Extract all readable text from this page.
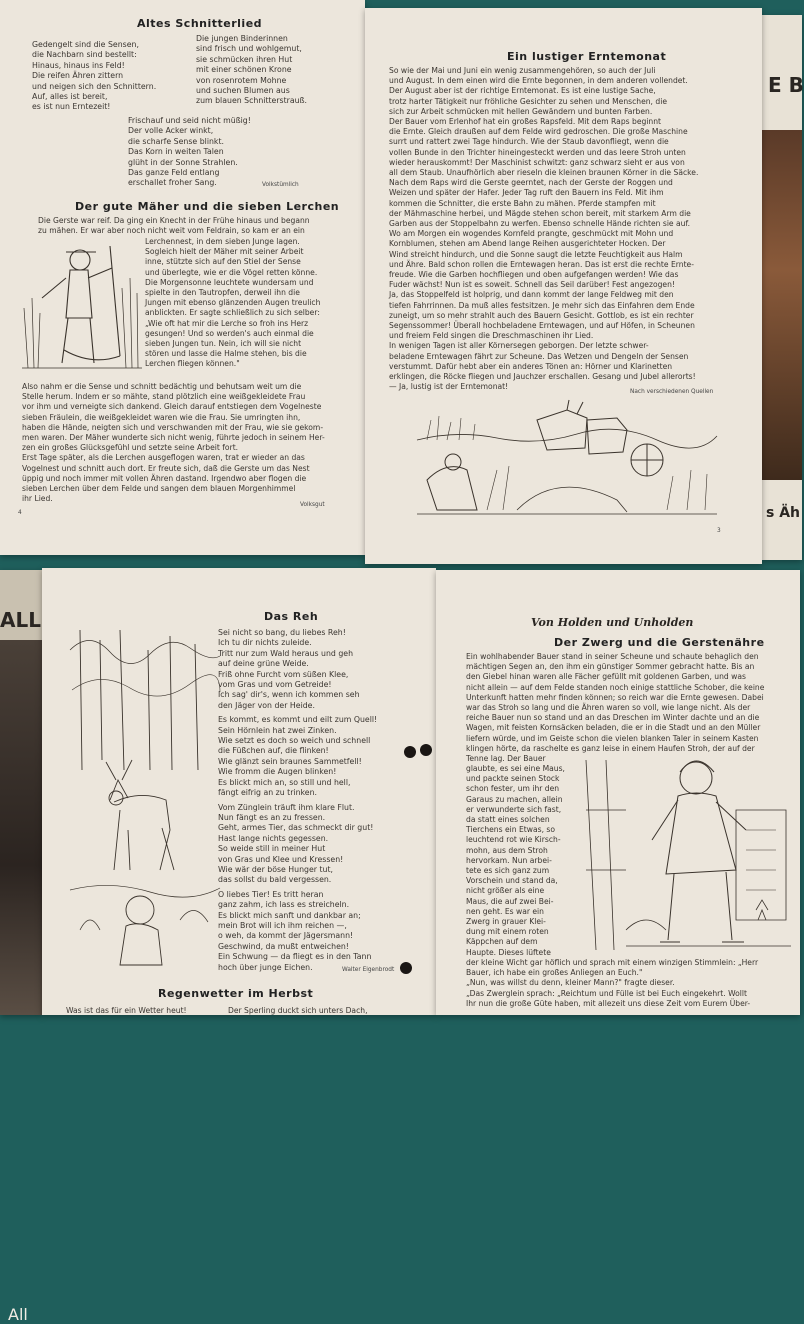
E B
s Äh
ALL
All
Altes Schnitterlied
Gedengelt sind die Sensen,
die Nachbarn sind bestellt:
Hinaus, hinaus ins Feld!
Die reifen Ähren zittern
und neigen sich den Schnittern.
Auf, alles ist bereit,
es ist nun Erntezeit!
Die jungen Binderinnen
sind frisch und wohlgemut,
sie schmücken ihren Hut
mit einer schönen Krone
von rosenrotem Mohne
und suchen Blumen aus
zum blauen Schnitterstrauß.
Frischauf und seid nicht müßig!
Der volle Acker winkt,
die scharfe Sense blinkt.
Das Korn in weiten Talen
glüht in der Sonne Strahlen.
Das ganze Feld entlang
erschallet froher Sang.	Volkstümlich
Der gute Mäher und die sieben Lerchen
Die Gerste war reif. Da ging ein Knecht in der Frühe hinaus und begann
zu mähen. Er war aber noch nicht weit vom Feldrain, so kam er an ein
Lerchennest, in dem sieben Junge lagen.
Sogleich hielt der Mäher mit seiner Arbeit
inne, stützte sich auf den Stiel der Sense
und überlegte, wie er die Vögel retten könne.
Die Morgensonne leuchtete wundersam und
spielte in den Tautropfen, derweil ihn die
Jungen mit ebenso glänzenden Augen treulich
anblickten. Er sagte schließlich zu sich selber:
„Wie oft hat mir die Lerche so froh ins Herz
gesungen! Und so werden's auch einmal die
sieben Jungen tun. Nein, ich will sie nicht
stören und lasse die Halme stehen, bis die
Lerchen fliegen können."
Also nahm er die Sense und schnitt bedächtig und behutsam weit um die
Stelle herum. Indem er so mähte, stand plötzlich eine weißgekleidete Frau
vor ihm und verneigte sich dankend. Gleich darauf entstiegen dem Vogelneste
sieben Fräulein, die weißgekleidet waren wie die Frau. Sie umringten ihn,
haben die Hände, neigten sich und verschwanden mit der Frau, wie sie gekom-
men waren. Der Mäher wunderte sich nicht wenig, führte jedoch in seinem Her-
zen ein großes Glücksgefühl und setzte seine Arbeit fort.
Erst Tage später, als die Lerchen ausgeflogen waren, trat er wieder an das
Vogelnest und schnitt auch dort. Er freute sich, daß die Gerste um das Nest
üppig und noch immer mit vollen Ähren dastand. Irgendwo aber flogen die
sieben Lerchen über dem Felde und sangen dem blauen Morgenhimmel
ihr Lied.
Volksgut
4
Ein lustiger Erntemonat
So wie der Mai und Juni ein wenig zusammengehören, so auch der Juli
und August. In dem einen wird die Ernte begonnen, in dem anderen vollendet.
Der August aber ist der richtige Erntemonat. Es ist eine lustige Sache,
trotz harter Tätigkeit nur fröhliche Gesichter zu sehen und Menschen, die
sich zur Arbeit schmücken mit hellen Gewändern und bunten Farben.
Der Bauer vom Erlenhof hat ein großes Rapsfeld. Mit dem Raps beginnt
die Ernte. Gleich draußen auf dem Felde wird gedroschen. Die große Maschine
surrt und rattert zwei Tage hindurch. Wie der Staub davonfliegt, wenn die
vollen Bunde in den Trichter hineingesteckt werden und das leere Stroh unten
wieder herauskommt! Der Maschinist schwitzt: ganz schwarz sieht er aus von
all dem Staub. Unaufhörlich aber rieseln die kleinen braunen Körner in die Säcke.
Nach dem Raps wird die Gerste geerntet, nach der Gerste der Roggen und
Weizen und später der Hafer. Jeder Tag ruft den Bauern ins Feld. Mit ihm
kommen die Schnitter, die erste Bahn zu mähen. Pferde stampfen mit
der Mähmaschine herbei, und Mägde stehen schon bereit, mit starkem Arm die
Garben aus der Stoppelbahn zu werfen. Ebenso schnelle Hände richten sie auf.
Wo am Morgen ein wogendes Kornfeld prangte, geschmückt mit Mohn und
Kornblumen, stehen am Abend lange Reihen ausgerichteter Hocken. Der
Wind streicht hindurch, und die Sonne saugt die letzte Feuchtigkeit aus Halm
und Ähre. Bald schon rollen die Erntewagen heran. Das ist erst die rechte Ernte-
freude. Wie die Garben hochfliegen und oben aufgefangen werden! Wie das
Fuder wächst! Nun ist es soweit. Schnell das Seil darüber! Fest angezogen!
Ja, das Stoppelfeld ist holprig, und dann kommt der lange Feldweg mit den
tiefen Fahrrinnen. Da muß alles festsitzen. Je mehr sich das Einfahren dem Ende
zuneigt, um so mehr strahlt auch des Bauern Gesicht. Gottlob, es ist ein rechter
Segenssommer! Überall hochbeladene Erntewagen, und auf Höfen, in Scheunen
und freiem Feld singen die Dreschmaschinen ihr Lied.
In wenigen Tagen ist aller Körnersegen geborgen. Der letzte schwer-
beladene Erntewagen fährt zur Scheune. Das Wetzen und Dengeln der Sensen
verstummt. Dafür hebt aber ein anderes Tönen an: Hörner und Klarinetten
erklingen, die Röcke fliegen und Jauchzer erschallen. Gesang und Jubel allerorts!
— Ja, lustig ist der Erntemonat!
Nach verschiedenen Quellen
3
Das Reh
Sei nicht so bang, du liebes Reh!
Ich tu dir nichts zuleide.
Tritt nur zum Wald heraus und geh
auf deine grüne Weide.
Friß ohne Furcht vom süßen Klee,
vom Gras und vom Getreide!
Ich sag' dir's, wenn ich kommen seh
den Jäger von der Heide.
Es kommt, es kommt und eilt zum Quell!
Sein Hörnlein hat zwei Zinken.
Wie setzt es doch so weich und schnell
die Füßchen auf, die flinken!
Wie glänzt sein braunes Sammetfell!
Wie fromm die Augen blinken!
Es blickt mich an, so still und hell,
fängt eifrig an zu trinken.
Vom Zünglein träuft ihm klare Flut.
Nun fängt es an zu fressen.
Geht, armes Tier, das schmeckt dir gut!
Hast lange nichts gegessen.
So weide still in meiner Hut
von Gras und Klee und Kressen!
Wie wär der böse Hunger tut,
das sollst du bald vergessen.
O liebes Tier! Es tritt heran
ganz zahm, ich lass es streicheln.
Es blickt mich sanft und dankbar an;
mein Brot will ich ihm reichen —,
o weh, da kommt der Jägersmann!
Geschwind, da mußt entweichen!
Ein Schwung — da fliegt es in den Tann
hoch über junge Eichen.	Walter Eigenbrodt
Regenwetter im Herbst
Was ist das für ein Wetter heut!	Der Sperling duckt sich unters Dach,
Von Holden und Unholden
Der Zwerg und die Gerstenähre
Ein wohlhabender Bauer stand in seiner Scheune und schaute behaglich den
mächtigen Segen an, den ihm ein günstiger Sommer gebracht hatte. Bis an
den Giebel hinan waren alle Fächer gefüllt mit goldenen Garben, und was
nicht allein — auf dem Felde standen noch einige stattliche Schober, die keine
Unterkunft hatten mehr finden können; so reich war die Ernte gewesen. Dabei
war das Stroh so lang und die Ähren waren so voll, wie lange nicht. Als der
reiche Bauer nun so stand und an das Dreschen im Winter dachte und an die
Wagen, mit feisten Kornsäcken beladen, die er in die Stadt und an den Müller
liefern würde, und im Geiste schon die vielen blanken Taler in seinem Kasten
klingen hörte, da raschelte es ganz leise in einem Haufen Stroh, der auf der
Tenne lag. Der Bauer
glaubte, es sei eine Maus,
und packte seinen Stock
schon fester, um ihr den
Garaus zu machen, allein
er verwunderte sich fast,
da statt eines solchen
Tierchens ein Etwas, so
leuchtend rot wie Kirsch-
mohn, aus dem Stroh
hervorkam. Nun arbei-
tete es sich ganz zum
Vorschein und stand da,
nicht größer als eine
Maus, die auf zwei Bei-
nen geht. Es war ein
Zwerg in grauer Klei-
dung mit einem roten
Käppchen auf dem
Haupte. Dieses lüftete
der kleine Wicht gar höflich und sprach mit einem winzigen Stimmlein: „Herr
Bauer, ich habe ein großes Anliegen an Euch."
„Nun, was willst du denn, kleiner Mann?" fragte dieser.
„Das Zwerglein sprach: „Reichtum und Fülle ist bei Euch eingekehrt. Wollt
Ihr nun die große Güte haben, mit allezeit uns diese Zeit vom Eurem Über-
